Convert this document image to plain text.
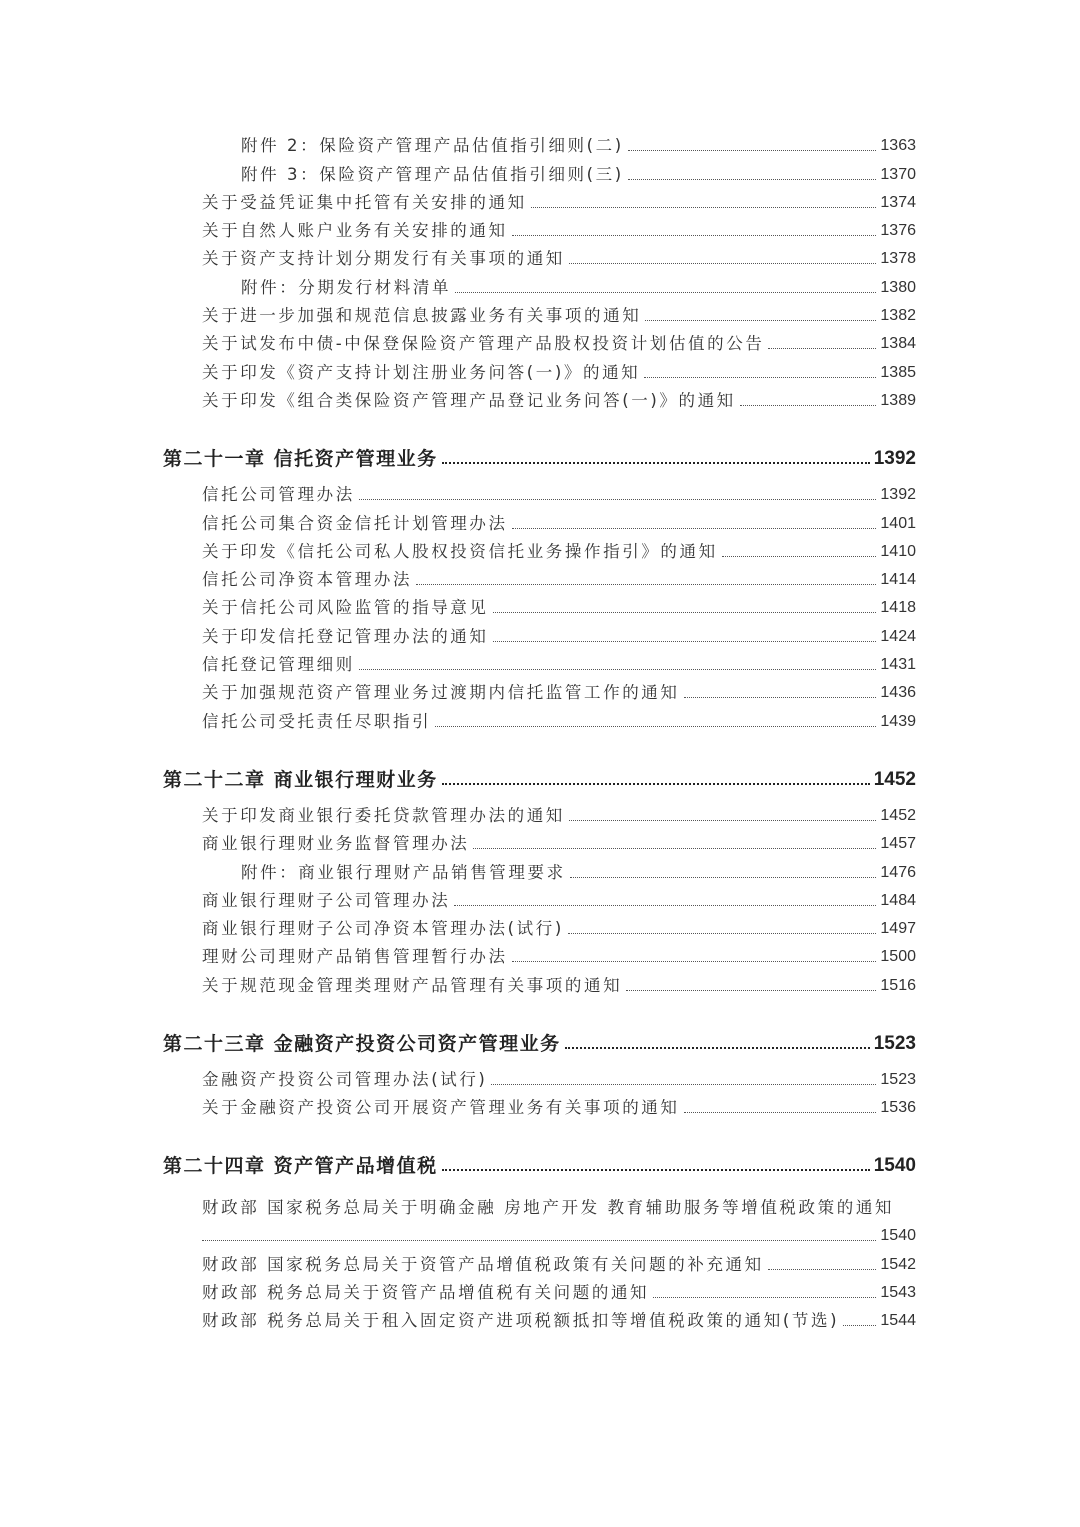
附件 2：保险资产管理产品估值指引细则(二)	1363
附件 3：保险资产管理产品估值指引细则(三)	1370
关于受益凭证集中托管有关安排的通知	1374
关于自然人账户业务有关安排的通知	1376
关于资产支持计划分期发行有关事项的通知	1378
附件：分期发行材料清单	1380
关于进一步加强和规范信息披露业务有关事项的通知	1382
关于试发布中债-中保登保险资产管理产品股权投资计划估值的公告	1384
关于印发《资产支持计划注册业务问答(一)》的通知	1385
关于印发《组合类保险资产管理产品登记业务问答(一)》的通知	1389
第二十一章 信托资产管理业务	1392
信托公司管理办法	1392
信托公司集合资金信托计划管理办法	1401
关于印发《信托公司私人股权投资信托业务操作指引》的通知	1410
信托公司净资本管理办法	1414
关于信托公司风险监管的指导意见	1418
关于印发信托登记管理办法的通知	1424
信托登记管理细则	1431
关于加强规范资产管理业务过渡期内信托监管工作的通知	1436
信托公司受托责任尽职指引	1439
第二十二章 商业银行理财业务	1452
关于印发商业银行委托贷款管理办法的通知	1452
商业银行理财业务监督管理办法	1457
附件：商业银行理财产品销售管理要求	1476
商业银行理财子公司管理办法	1484
商业银行理财子公司净资本管理办法(试行)	1497
理财公司理财产品销售管理暂行办法	1500
关于规范现金管理类理财产品管理有关事项的通知	1516
第二十三章 金融资产投资公司资产管理业务	1523
金融资产投资公司管理办法(试行)	1523
关于金融资产投资公司开展资产管理业务有关事项的通知	1536
第二十四章 资产管产品增值税	1540
财政部 国家税务总局关于明确金融 房地产开发 教育辅助服务等增值税政策的通知
1540
财政部 国家税务总局关于资管产品增值税政策有关问题的补充通知	1542
财政部 税务总局关于资管产品增值税有关问题的通知	1543
财政部 税务总局关于租入固定资产进项税额抵扣等增值税政策的通知(节选)	1544
